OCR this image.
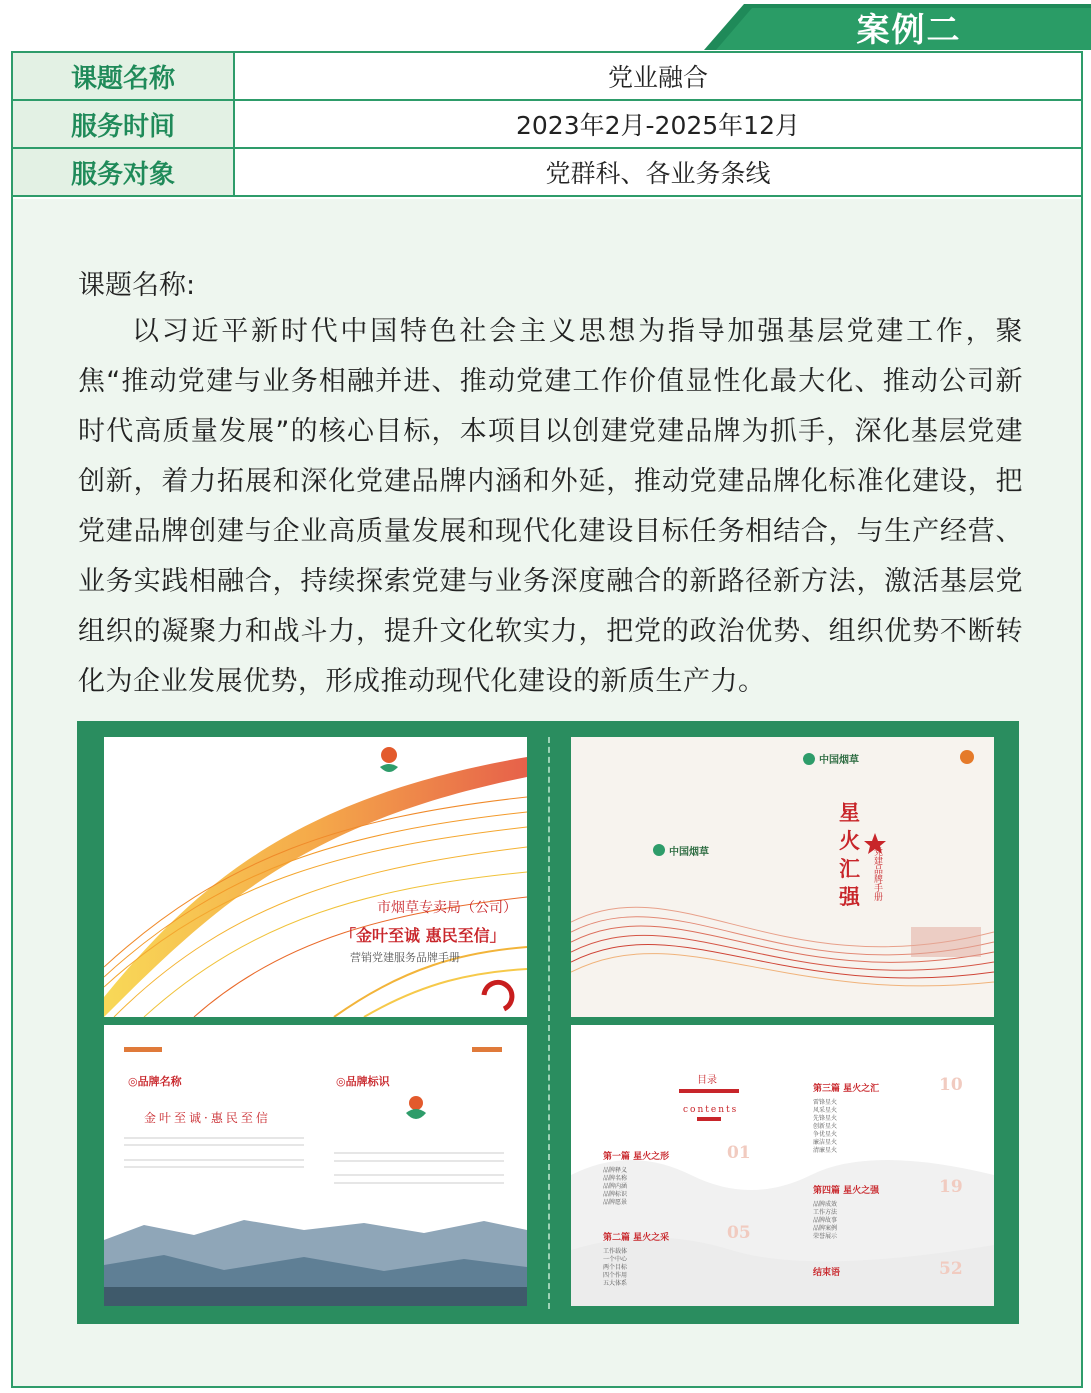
案例二
课题名称	党业融合
服务时间	2023年2月-2025年12月
服务对象	党群科、各业务条线
课题名称:
以习近平新时代中国特色社会主义思想为指导加强基层党建工作，聚焦“推动党建与业务相融并进、推动党建工作价值显性化最大化、推动公司新时代高质量发展”的核心目标，本项目以创建党建品牌为抓手，深化基层党建创新，着力拓展和深化党建品牌内涵和外延，推动党建品牌化标准化建设，把党建品牌创建与企业高质量发展和现代化建设目标任务相结合，与生产经营、业务实践相融合，持续探索党建与业务深度融合的新路径新方法，激活基层党组织的凝聚力和战斗力，提升文化软实力，把党的政治优势、组织优势不断转化为企业发展优势，形成推动现代化建设的新质生产力。
市烟草专卖局（公司）
「金叶至诚 惠民至信」
营销党建服务品牌手册
中国烟草
中国烟草
星
火
汇
强 党建品牌手册
◎品牌名称
金叶至诚·惠民至信
◎品牌标识	目录
contents
第一篇 星火之形	01
品牌释义
品牌名称
品牌内涵
品牌标识
品牌愿景
第二篇 星火之采	05
工作载体
一个中心
两个目标
四个作用
五大体系
第三篇 星火之汇	10
雷锋星火
风采星火
先锋星火
创新星火
争优星火
廉洁星火
清廉星火
第四篇 星火之强	19
品牌成效
工作方法
品牌故事
品牌案例
荣誉展示
结束语	52
